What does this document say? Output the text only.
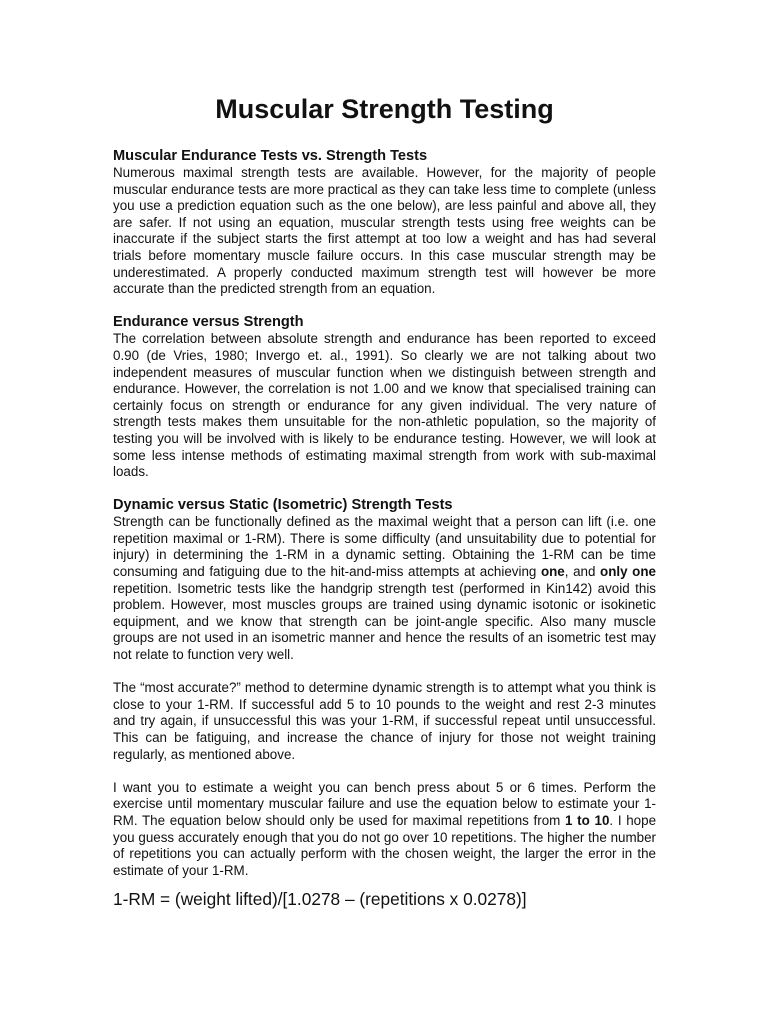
Muscular Strength Testing
Muscular Endurance Tests vs. Strength Tests

Numerous maximal strength tests are available. However, for the majority of people muscular endurance tests are more practical as they can take less time to complete (unless you use a prediction equation such as the one below), are less painful and above all, they are safer. If not using an equation, muscular strength tests using free weights can be inaccurate if the subject starts the first attempt at too low a weight and has had several trials before momentary muscle failure occurs. In this case muscular strength may be underestimated. A properly conducted maximum strength test will however be more accurate than the predicted strength from an equation.

Endurance versus Strength

The correlation between absolute strength and endurance has been reported to exceed 0.90 (de Vries, 1980; Invergo et. al., 1991). So clearly we are not talking about two independent measures of muscular function when we distinguish between strength and endurance. However, the correlation is not 1.00 and we know that specialised training can certainly focus on strength or endurance for any given individual. The very nature of strength tests makes them unsuitable for the non-athletic population, so the majority of testing you will be involved with is likely to be endurance testing. However, we will look at some less intense methods of estimating maximal strength from work with sub-maximal loads.

Dynamic versus Static (Isometric) Strength Tests

Strength can be functionally defined as the maximal weight that a person can lift (i.e. one repetition maximal or 1-RM). There is some difficulty (and unsuitability due to potential for injury) in determining the 1-RM in a dynamic setting. Obtaining the 1-RM can be time consuming and fatiguing due to the hit-and-miss attempts at achieving one, and only one repetition. Isometric tests like the handgrip strength test (performed in Kin142) avoid this problem. However, most muscles groups are trained using dynamic isotonic or isokinetic equipment, and we know that strength can be joint-angle specific. Also many muscle groups are not used in an isometric manner and hence the results of an isometric test may not relate to function very well.

The “most accurate?” method to determine dynamic strength is to attempt what you think is close to your 1-RM. If successful add 5 to 10 pounds to the weight and rest 2-3 minutes and try again, if unsuccessful this was your 1-RM, if successful repeat until unsuccessful. This can be fatiguing, and increase the chance of injury for those not weight training regularly, as mentioned above.

I want you to estimate a weight you can bench press about 5 or 6 times. Perform the exercise until momentary muscular failure and use the equation below to estimate your 1-RM. The equation below should only be used for maximal repetitions from 1 to 10. I hope you guess accurately enough that you do not go over 10 repetitions. The higher the number of repetitions you can actually perform with the chosen weight, the larger the error in the estimate of your 1-RM.

1-RM = (weight lifted)/[1.0278 – (repetitions x 0.0278)]
